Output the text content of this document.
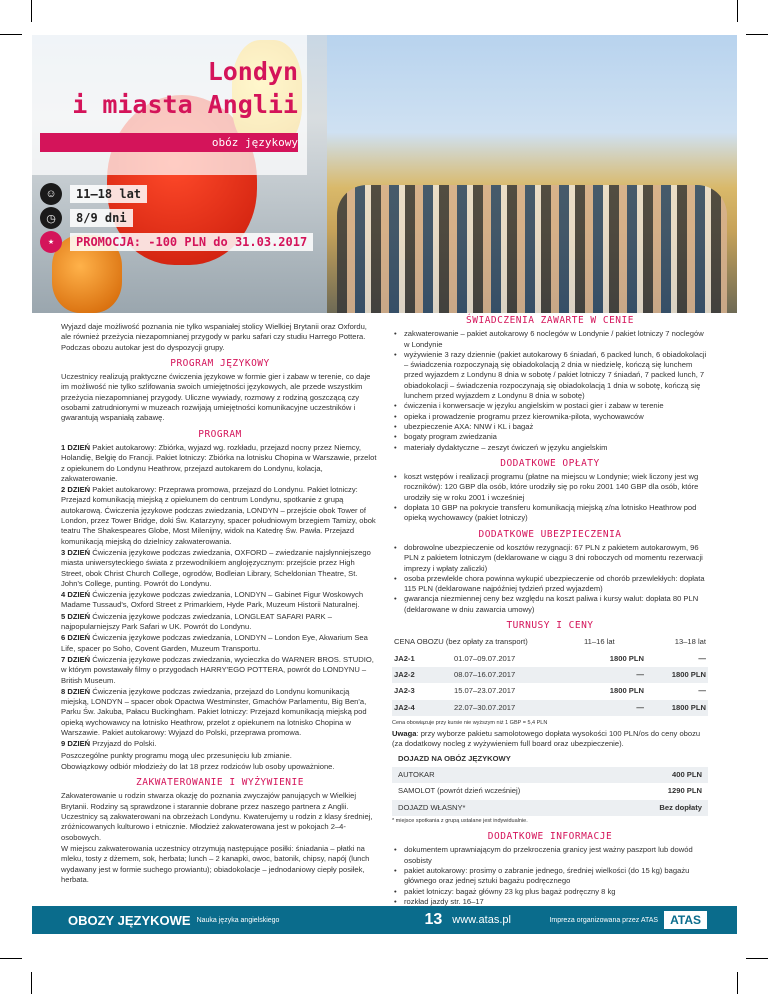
Londyn
i miasta Anglii
obóz językowy
☺	11–18 lat
◷	8/9 dni
★	PROMOCJA: -100 PLN do 31.03.2017

Wyjazd daje możliwość poznania nie tylko wspaniałej stolicy Wielkiej Brytanii oraz Oxfordu, ale również przeżycia niezapomnianej przygody w parku safari czy studiu Harrego Pottera. Podczas obozu autokar jest do dyspozycji grupy.

PROGRAM JĘZYKOWY

Uczestnicy realizują praktyczne ćwiczenia językowe w formie gier i zabaw w terenie, co daje im możliwość nie tylko szlifowania swoich umiejętności językowych, ale przede wszystkim przeżycia niezapomnianej przygody. Uliczne wywiady, rozmowy z rodziną goszczącą czy osobami zatrudnionymi w muzeach rozwijają umiejętności komunikacyjne uczestników i gwarantują wspaniałą zabawę.

PROGRAM

1 DZIEŃ Pakiet autokarowy: Zbiórka, wyjazd wg. rozkładu, przejazd nocny przez Niemcy, Holandię, Belgię do Francji. Pakiet lotniczy: Zbiórka na lotnisku Chopina w Warszawie, przelot z opiekunem do Londynu Heathrow, przejazd autokarem do Londynu, kolacja, zakwaterowanie.

2 DZIEŃ Pakiet autokarowy: Przeprawa promowa, przejazd do Londynu. Pakiet lotniczy: Przejazd komunikacją miejską z opiekunem do centrum Londynu, spotkanie z grupą autokarową. Ćwiczenia językowe podczas zwiedzania, LONDYN – przejście obok Tower of London, przez Tower Bridge, doki Św. Katarzyny, spacer południowym brzegiem Tamizy, obok teatru The Shakespeares Globe, Most Milenijny, widok na Katedrę Św. Pawła. Przejazd komunikacją miejską do dzielnicy zakwaterowania.

3 DZIEŃ Ćwiczenia językowe podczas zwiedzania, OXFORD – zwiedzanie najsłynniejszego miasta uniwersyteckiego świata z przewodnikiem anglojęzycznym: przejście przez High Street, obok Christ Church College, ogrodów, Bodleian Library, Scheldonian Theatre, St. John's College, punting. Powrót do Londynu.

4 DZIEŃ Ćwiczenia językowe podczas zwiedzania, LONDYN – Gabinet Figur Woskowych Madame Tussaud's, Oxford Street z Primarkiem, Hyde Park, Muzeum Historii Naturalnej.

5 DZIEŃ Ćwiczenia językowe podczas zwiedzania, LONGLEAT SAFARI PARK – najpopularniejszy Park Safari w UK. Powrót do Londynu.

6 DZIEŃ Ćwiczenia językowe podczas zwiedzania, LONDYN – London Eye, Akwarium Sea Life, spacer po Soho, Covent Garden, Muzeum Transportu.

7 DZIEŃ Ćwiczenia językowe podczas zwiedzania, wycieczka do WARNER BROS. STUDIO, w którym powstawały filmy o przygodach HARRY'EGO POTTERA, powrót do LONDYNU – British Museum.

8 DZIEŃ Ćwiczenia językowe podczas zwiedzania, przejazd do Londynu komunikacją miejską, LONDYN – spacer obok Opactwa Westminster, Gmachów Parlamentu, Big Ben'a, Parku Św. Jakuba, Pałacu Buckingham. Pakiet lotniczy: Przejazd komunikacją miejską pod opieką wychowawcy na lotnisko Heathrow, przelot z opiekunem na lotnisko Chopina w Warszawie. Pakiet autokarowy: Wyjazd do Polski, przeprawa promowa.

9 DZIEŃ Przyjazd do Polski.

Poszczególne punkty programu mogą ulec przesunięciu lub zmianie.

Obowiązkowy odbiór młodzieży do lat 18 przez rodziców lub osoby upoważnione.

ZAKWATEROWANIE I WYŻYWIENIE

Zakwaterowanie u rodzin stwarza okazję do poznania zwyczajów panujących w Wielkiej Brytanii. Rodziny są sprawdzone i starannie dobrane przez naszego partnera z Anglii. Uczestnicy są zakwaterowani na obrzeżach Londynu. Kwaterujemy u rodzin z klasy średniej, zróżnicowanych kulturowo i etnicznie. Młodzież zakwaterowana jest w pokojach 2–4-osobowych.

W miejscu zakwaterowania uczestnicy otrzymują następujące posiłki: śniadania – płatki na mleku, tosty z dżemem, sok, herbata; lunch – 2 kanapki, owoc, batonik, chipsy, napój (lunch wydawany jest w formie suchego prowiantu); obiadokolacje – jednodaniowy ciepły posiłek, herbata.

ŚWIADCZENIA ZAWARTE W CENIE
• zakwaterowanie – pakiet autokarowy 6 noclegów w Londynie / pakiet lotniczy 7 noclegów w Londynie
• wyżywienie 3 razy dziennie (pakiet autokarowy 6 śniadań, 6 packed lunch, 6 obiadokolacji – świadczenia rozpoczynają się obiadokolacją 2 dnia w niedzielę, kończą się lunchem przed wyjazdem z Londynu 8 dnia w sobotę / pakiet lotniczy 7 śniadań, 7 packed lunch, 7 obiadokolacji – świadczenia rozpoczynają się obiadokolacją 1 dnia w sobotę, kończą się lunchem przed wyjazdem z Londynu 8 dnia w sobotę)
• ćwiczenia i konwersacje w języku angielskim w postaci gier i zabaw w terenie
• opieka i prowadzenie programu przez kierownika-pilota, wychowawców
• ubezpieczenie AXA: NNW i KL i bagaż
• bogaty program zwiedzania
• materiały dydaktyczne – zeszyt ćwiczeń w języku angielskim
DODATKOWE OPŁATY
• koszt wstępów i realizacji programu (płatne na miejscu w Londynie; wiek liczony jest wg roczników): 120 GBP dla osób, które urodziły się po roku 2001 140 GBP dla osób, które urodziły się w roku 2001 i wcześniej
• dopłata 10 GBP na pokrycie transferu komunikacją miejską z/na lotnisko Heathrow pod opieką wychowawcy (pakiet lotniczy)
DODATKOWE UBEZPIECZENIA
• dobrowolne ubezpieczenie od kosztów rezygnacji: 67 PLN z pakietem autokarowym, 96 PLN z pakietem lotniczym (deklarowane w ciągu 3 dni roboczych od momentu rezerwacji imprezy i wpłaty zaliczki)
• osoba przewlekle chora powinna wykupić ubezpieczenie od chorób przewlekłych: dopłata 115 PLN (deklarowane najpóźniej tydzień przed wyjazdem)
• gwarancja niezmiennej ceny bez względu na koszt paliwa i kursy walut: dopłata 80 PLN (deklarowane w dniu zawarcia umowy)
TURNUSY I CENY
CENA OBOZU (bez opłaty za transport)	11–16 lat	13–18 lat
JA2-1	01.07–09.07.2017	1800 PLN	—
JA2-2	08.07–16.07.2017	—	1800 PLN
JA2-3	15.07–23.07.2017	1800 PLN	—
JA2-4	22.07–30.07.2017	—	1800 PLN

Cena obowiązuje przy kursie nie wyższym niż 1 GBP = 5,4 PLN

Uwaga: przy wyborze pakietu samolotowego dopłata wysokości 100 PLN/os do ceny obozu (za dodatkowy nocleg z wyżywieniem full board oraz ubezpieczenie).

DOJAZD NA OBÓZ JĘZYKOWY
AUTOKAR	400 PLN
SAMOLOT (powrót dzień wcześniej)	1290 PLN
DOJAZD WŁASNY*	Bez dopłaty

* miejsce spotkania z grupą ustalane jest indywidualnie.

DODATKOWE INFORMACJE
• dokumentem uprawniającym do przekroczenia granicy jest ważny paszport lub dowód osobisty
• pakiet autokarowy: prosimy o zabranie jednego, średniej wielkości (do 15 kg) bagażu głównego oraz jednej sztuki bagażu podręcznego
• pakiet lotniczy: bagaż główny 23 kg plus bagaż podręczny 8 kg
• rozkład jazdy str. 16–17
OBOZY JĘZYKOWE Nauka języka angielskiego	13 www.atas.pl	Impreza organizowana przez ATAS	ATAS
